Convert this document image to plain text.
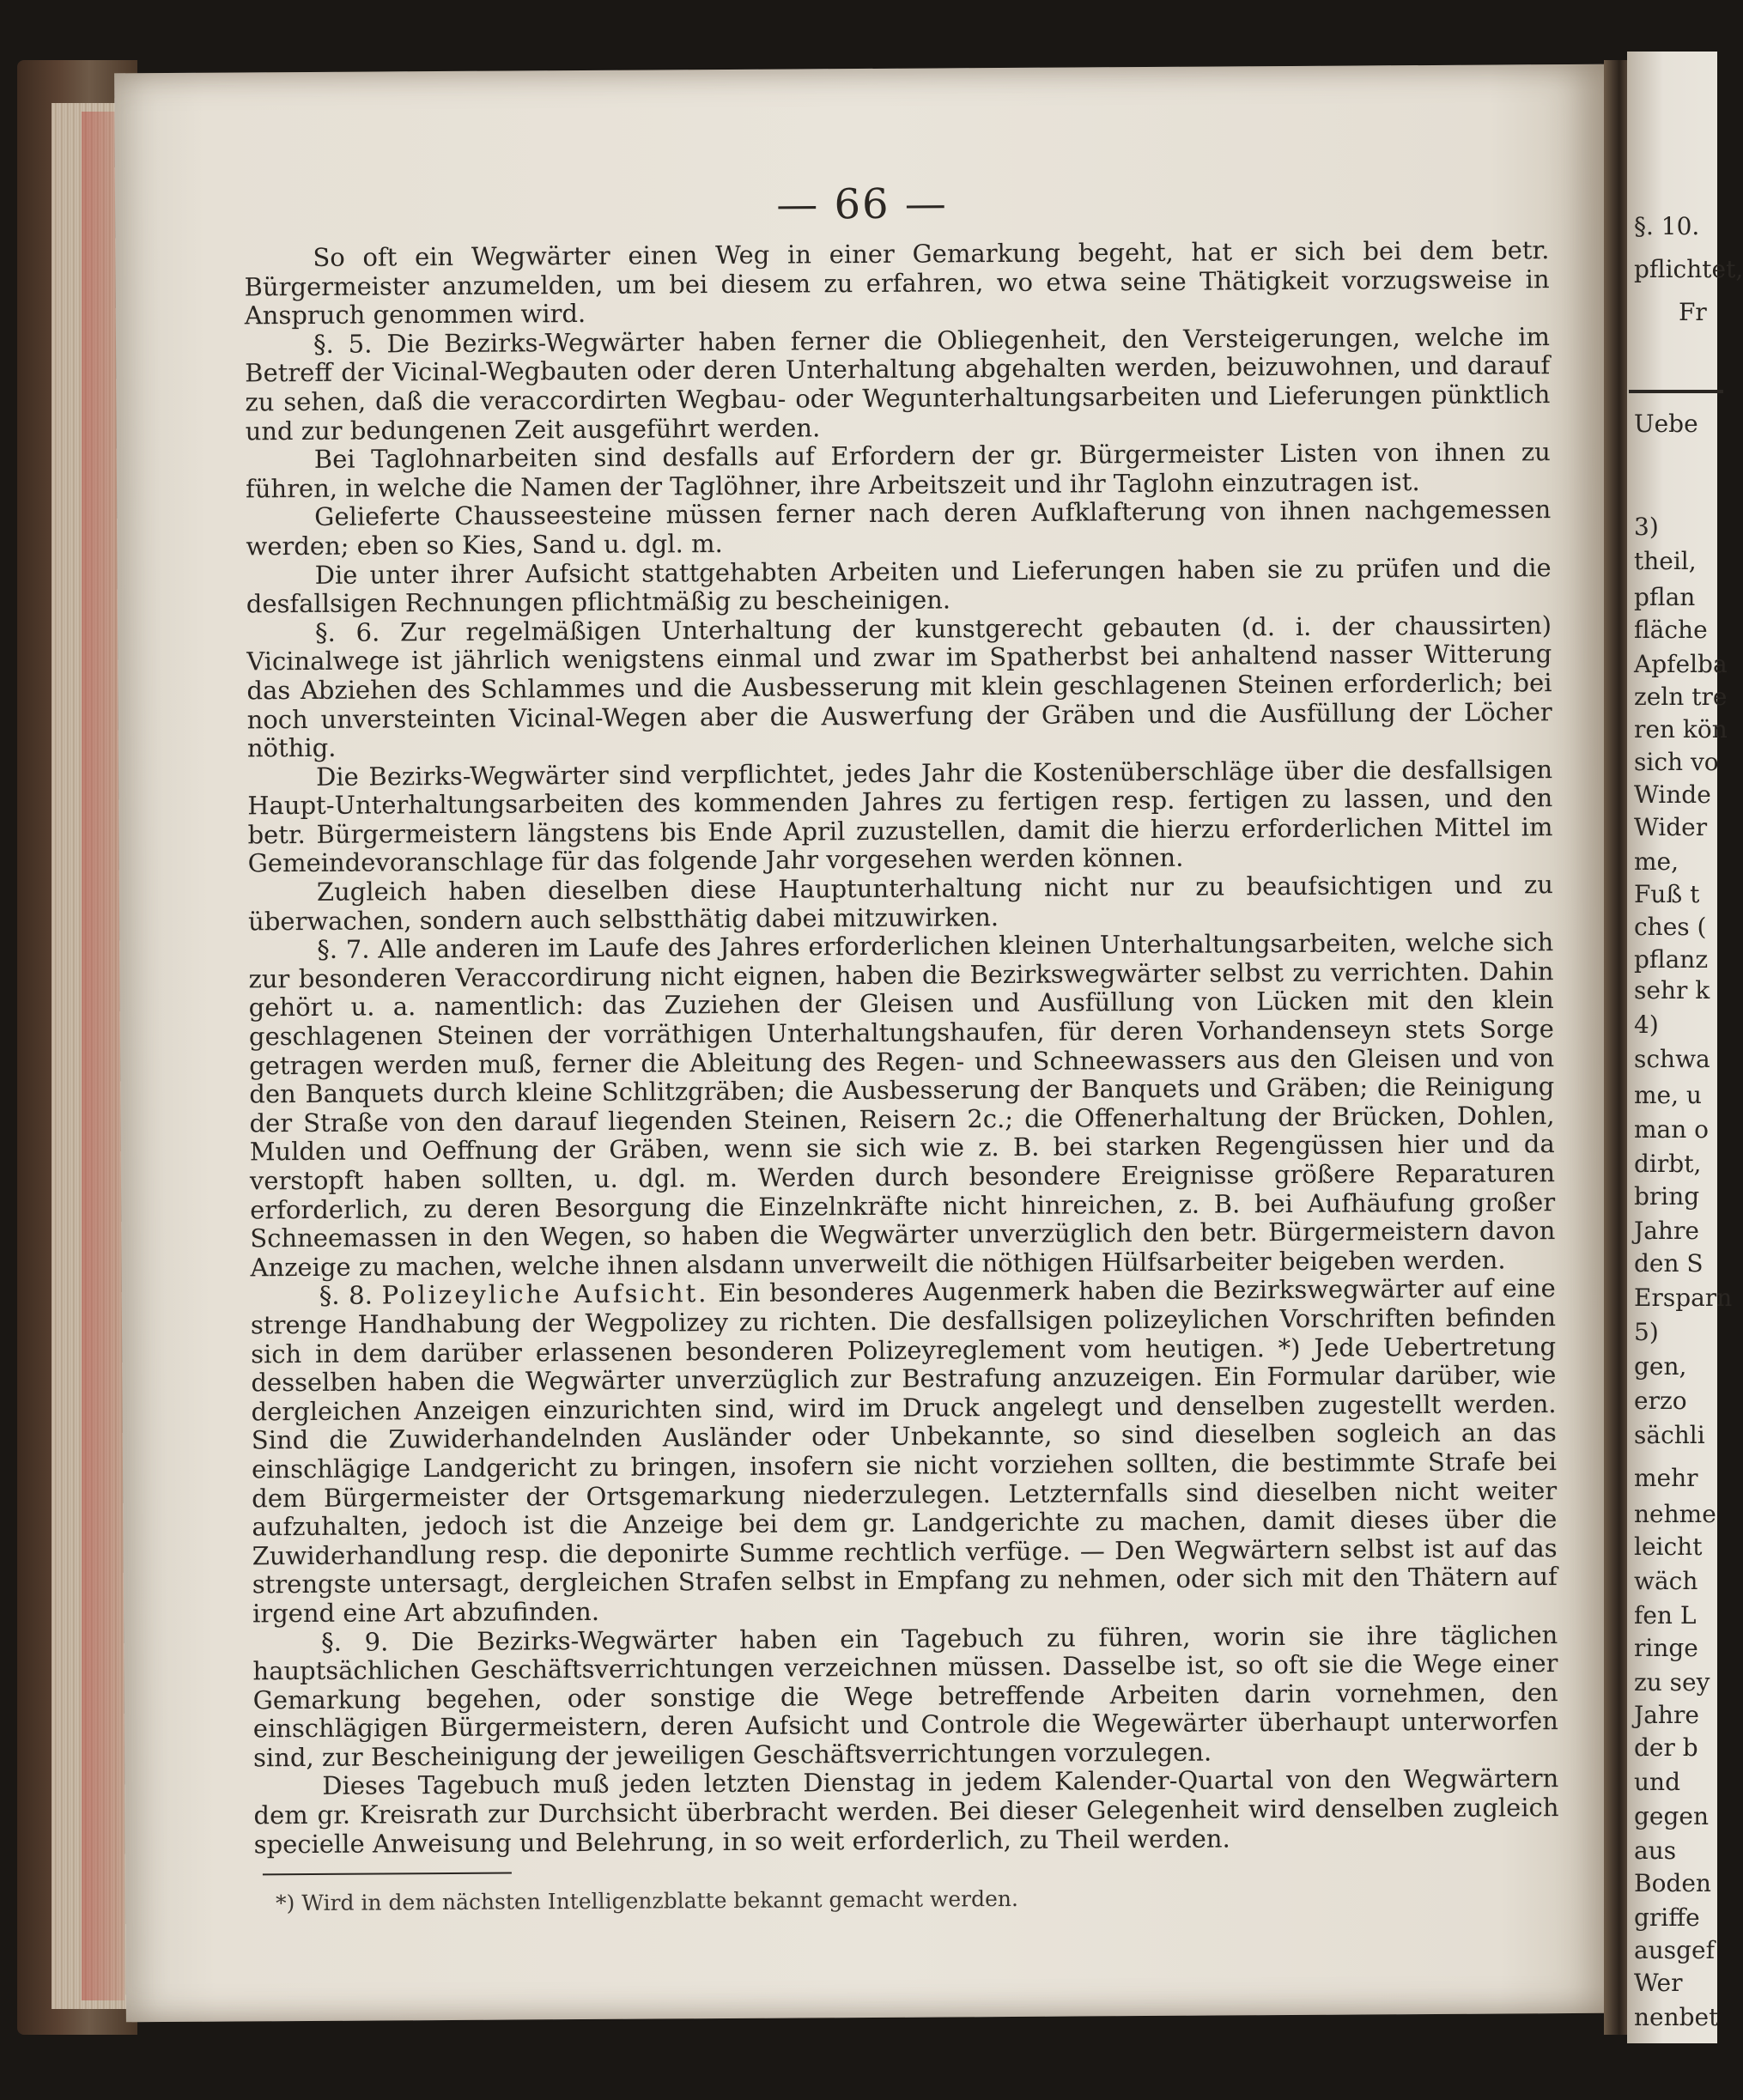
— 66 —

So oft ein Wegwärter einen Weg in einer Gemarkung begeht, hat er sich bei dem betr. Bürgermeister anzumelden, um bei diesem zu erfahren, wo etwa seine Thätigkeit vorzugsweise in Anspruch genommen wird.

§. 5. Die Bezirks-Wegwärter haben ferner die Obliegenheit, den Versteigerungen, welche im Betreff der Vicinal-Wegbauten oder deren Unterhaltung abgehalten werden, beizuwohnen, und darauf zu sehen, daß die veraccordirten Wegbau- oder Wegunterhaltungsarbeiten und Lieferungen pünktlich und zur bedungenen Zeit ausgeführt werden.

Bei Taglohnarbeiten sind desfalls auf Erfordern der gr. Bürgermeister Listen von ihnen zu führen, in welche die Namen der Taglöhner, ihre Arbeitszeit und ihr Taglohn einzutragen ist.

Gelieferte Chausseesteine müssen ferner nach deren Aufklafterung von ihnen nachgemessen werden; eben so Kies, Sand u. dgl. m.

Die unter ihrer Aufsicht stattgehabten Arbeiten und Lieferungen haben sie zu prüfen und die desfallsigen Rechnungen pflichtmäßig zu bescheinigen.

§. 6. Zur regelmäßigen Unterhaltung der kunstgerecht gebauten (d. i. der chaussirten) Vicinalwege ist jährlich wenigstens einmal und zwar im Spatherbst bei anhaltend nasser Witterung das Abziehen des Schlammes und die Ausbesserung mit klein geschlagenen Steinen erforderlich; bei noch unversteinten Vicinal-Wegen aber die Auswerfung der Gräben und die Ausfüllung der Löcher nöthig.

Die Bezirks-Wegwärter sind verpflichtet, jedes Jahr die Kostenüberschläge über die desfallsigen Haupt-Unterhaltungsarbeiten des kommenden Jahres zu fertigen resp. fertigen zu lassen, und den betr. Bürgermeistern längstens bis Ende April zuzustellen, damit die hierzu erforderlichen Mittel im Gemeindevoranschlage für das folgende Jahr vorgesehen werden können.

Zugleich haben dieselben diese Hauptunterhaltung nicht nur zu beaufsichtigen und zu überwachen, sondern auch selbstthätig dabei mitzuwirken.

§. 7. Alle anderen im Laufe des Jahres erforderlichen kleinen Unterhaltungsarbeiten, welche sich zur besonderen Veraccordirung nicht eignen, haben die Bezirkswegwärter selbst zu verrichten. Dahin gehört u. a. namentlich: das Zuziehen der Gleisen und Ausfüllung von Lücken mit den klein geschlagenen Steinen der vorräthigen Unterhaltungshaufen, für deren Vorhandenseyn stets Sorge getragen werden muß, ferner die Ableitung des Regen- und Schneewassers aus den Gleisen und von den Banquets durch kleine Schlitzgräben; die Ausbesserung der Banquets und Gräben; die Reinigung der Straße von den darauf liegenden Steinen, Reisern 2c.; die Offenerhaltung der Brücken, Dohlen, Mulden und Oeffnung der Gräben, wenn sie sich wie z. B. bei starken Regengüssen hier und da verstopft haben sollten, u. dgl. m. Werden durch besondere Ereignisse größere Reparaturen erforderlich, zu deren Besorgung die Einzelnkräfte nicht hinreichen, z. B. bei Aufhäufung großer Schneemassen in den Wegen, so haben die Wegwärter unverzüglich den betr. Bürgermeistern davon Anzeige zu machen, welche ihnen alsdann unverweilt die nöthigen Hülfsarbeiter beigeben werden.

§. 8. Polizeyliche Aufsicht. Ein besonderes Augenmerk haben die Bezirkswegwärter auf eine strenge Handhabung der Wegpolizey zu richten. Die desfallsigen polizeylichen Vorschriften befinden sich in dem darüber erlassenen besonderen Polizeyreglement vom heutigen. *) Jede Uebertretung desselben haben die Wegwärter unverzüglich zur Bestrafung anzuzeigen. Ein Formular darüber, wie dergleichen Anzeigen einzurichten sind, wird im Druck angelegt und denselben zugestellt werden. Sind die Zuwiderhandelnden Ausländer oder Unbekannte, so sind dieselben sogleich an das einschlägige Landgericht zu bringen, insofern sie nicht vorziehen sollten, die bestimmte Strafe bei dem Bürgermeister der Ortsgemarkung niederzulegen. Letzternfalls sind dieselben nicht weiter aufzuhalten, jedoch ist die Anzeige bei dem gr. Landgerichte zu machen, damit dieses über die Zuwiderhandlung resp. die deponirte Summe rechtlich verfüge. — Den Wegwärtern selbst ist auf das strengste untersagt, dergleichen Strafen selbst in Empfang zu nehmen, oder sich mit den Thätern auf irgend eine Art abzufinden.

§. 9. Die Bezirks-Wegwärter haben ein Tagebuch zu führen, worin sie ihre täglichen hauptsächlichen Geschäftsverrichtungen verzeichnen müssen. Dasselbe ist, so oft sie die Wege einer Gemarkung begehen, oder sonstige die Wege betreffende Arbeiten darin vornehmen, den einschlägigen Bürgermeistern, deren Aufsicht und Controle die Wegewärter überhaupt unterworfen sind, zur Bescheinigung der jeweiligen Geschäftsverrichtungen vorzulegen.

Dieses Tagebuch muß jeden letzten Dienstag in jedem Kalender-Quartal von den Wegwärtern dem gr. Kreisrath zur Durchsicht überbracht werden. Bei dieser Gelegenheit wird denselben zugleich specielle Anweisung und Belehrung, in so weit erforderlich, zu Theil werden.

*) Wird in dem nächsten Intelligenzblatte bekannt gemacht werden.
§. 10.
pflichtet,
Fr
Uebe
3)
theil,
pflan
fläche
Apfelba
zeln tre
ren kön
sich vo
Winde
Wider
me,
Fuß t
ches (
pflanz
sehr k
4)
schwa
me, u
man o
dirbt,
bring
Jahre
den S
Ersparn
5)
gen,
erzo
sächli
mehr
nehme
leicht
wäch
fen L
ringe
zu sey
Jahre
der b
und
gegen
aus
Boden
griffe
ausgef
Wer
nenbet
